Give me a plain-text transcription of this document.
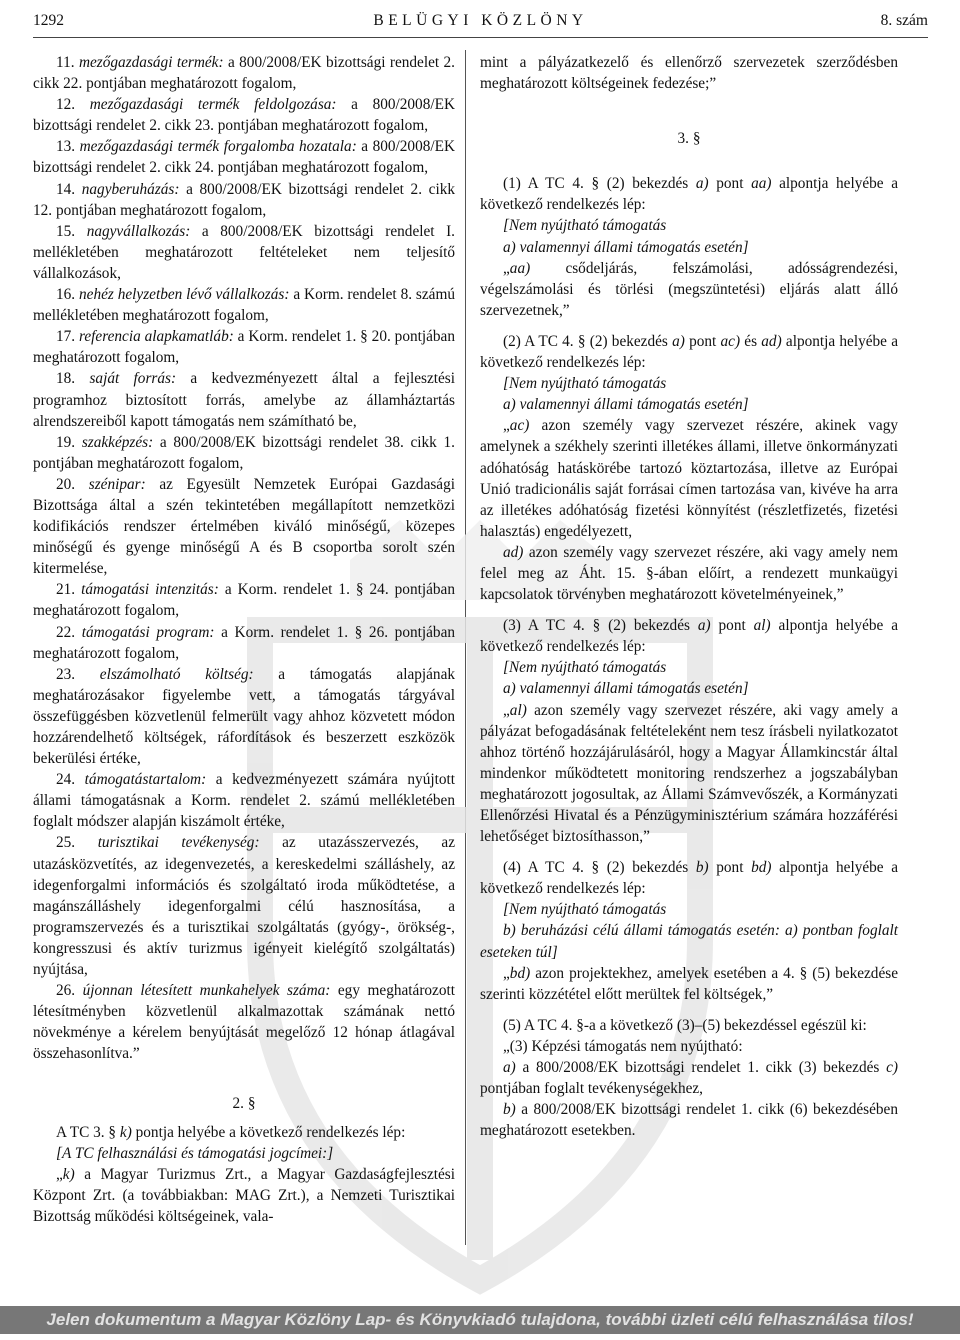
1292	BELÜGYI KÖZLÖNY	8. szám

11. mezőgazdasági termék: a 800/2008/EK bizottsági rendelet 2. cikk 22. pontjában meghatározott fogalom,

12. mezőgazdasági termék feldolgozása: a 800/2008/EK bizottsági rendelet 2. cikk 23. pontjában meghatározott fogalom,

13. mezőgazdasági termék forgalomba hozatala: a 800/2008/EK bizottsági rendelet 2. cikk 24. pontjában meghatározott fogalom,

14. nagyberuházás: a 800/2008/EK bizottsági rendelet 2. cikk 12. pontjában meghatározott fogalom,

15. nagyvállalkozás: a 800/2008/EK bizottsági rendelet I. mellékletében meghatározott feltételeket nem teljesítő vállalkozások,

16. nehéz helyzetben lévő vállalkozás: a Korm. rendelet 8. számú mellékletében meghatározott fogalom,

17. referencia alapkamatláb: a Korm. rendelet 1. § 20. pontjában meghatározott fogalom,

18. saját forrás: a kedvezményezett által a fejlesztési programhoz biztosított forrás, amelybe az államháztartás alrendszereiből kapott támogatás nem számítható be,

19. szakképzés: a 800/2008/EK bizottsági rendelet 38. cikk 1. pontjában meghatározott fogalom,

20. szénipar: az Egyesült Nemzetek Európai Gazdasági Bizottsága által a szén tekintetében megállapított nemzetközi kodifikációs rendszer értelmében kiváló minőségű, közepes minőségű és gyenge minőségű A és B csoportba sorolt szén kitermelése,

21. támogatási intenzitás: a Korm. rendelet 1. § 24. pontjában meghatározott fogalom,

22. támogatási program: a Korm. rendelet 1. § 26. pontjában meghatározott fogalom,

23. elszámolható költség: a támogatás alapjának meghatározásakor figyelembe vett, a támogatás tárgyával összefüggésben közvetlenül felmerült vagy ahhoz közvetett módon hozzárendelhető költségek, ráfordítások és beszerzett eszközök bekerülési értéke,

24. támogatástartalom: a kedvezményezett számára nyújtott állami támogatásnak a Korm. rendelet 2. számú mellékletében foglalt módszer alapján kiszámolt értéke,

25. turisztikai tevékenység: az utazásszervezés, az utazásközvetítés, az idegenvezetés, a kereskedelmi szálláshely, az idegenforgalmi információs és szolgáltató iroda működtetése, a magánszálláshely idegenforgalmi célú hasznosítása, a programszervezés és a turisztikai szolgáltatás (gyógy-, örökség-, kongresszusi és aktív turizmus igényeit kielégítő szolgáltatás) nyújtása,

26. újonnan létesített munkahelyek száma: egy meghatározott létesítményben közvetlenül alkalmazottak számának nettó növekménye a kérelem benyújtását megelőző 12 hónap átlagával összehasonlítva.”

2. §

A TC 3. § k) pontja helyébe a következő rendelkezés lép:

[A TC felhasználási és támogatási jogcímei:]

„k) a Magyar Turizmus Zrt., a Magyar Gazdaságfejlesztési Központ Zrt. (a továbbiakban: MAG Zrt.), a Nemzeti Turisztikai Bizottság működési költségeinek, vala-

mint a pályázatkezelő és ellenőrző szervezetek szerződésben meghatározott költségeinek fedezése;”

3. §

(1) A TC 4. § (2) bekezdés a) pont aa) alpontja helyébe a következő rendelkezés lép:

[Nem nyújtható támogatás

a) valamennyi állami támogatás esetén]

„aa) csődeljárás, felszámolási, adósságrendezési, végelszámolási és törlési (megszüntetési) eljárás alatt álló szervezetnek,”

(2) A TC 4. § (2) bekezdés a) pont ac) és ad) alpontja helyébe a következő rendelkezés lép:

[Nem nyújtható támogatás

a) valamennyi állami támogatás esetén]

„ac) azon személy vagy szervezet részére, akinek vagy amelynek a székhely szerinti illetékes állami, illetve önkormányzati adóhatóság hatáskörébe tartozó köztartozása, illetve az Európai Unió tradicionális saját forrásai címen tartozása van, kivéve ha arra az illetékes adóhatóság fizetési könnyítést (részletfizetés, fizetési halasztás) engedélyezett,

ad) azon személy vagy szervezet részére, aki vagy amely nem felel meg az Áht. 15. §-ában előírt, a rendezett munkaügyi kapcsolatok törvényben meghatározott követelményeinek,”

(3) A TC 4. § (2) bekezdés a) pont al) alpontja helyébe a következő rendelkezés lép:

[Nem nyújtható támogatás

a) valamennyi állami támogatás esetén]

„al) azon személy vagy szervezet részére, aki vagy amely a pályázat befogadásának feltételeként nem tesz írásbeli nyilatkozatot ahhoz történő hozzájárulásáról, hogy a Magyar Államkincstár által mindenkor működtetett monitoring rendszerhez a jogszabályban meghatározott jogosultak, az Állami Számvevőszék, a Kormányzati Ellenőrzési Hivatal és a Pénzügyminisztérium számára hozzáférési lehetőséget biztosíthasson,”

(4) A TC 4. § (2) bekezdés b) pont bd) alpontja helyébe a következő rendelkezés lép:

[Nem nyújtható támogatás

b) beruházási célú állami támogatás esetén: a) pontban foglalt eseteken túl]

„bd) azon projektekhez, amelyek esetében a 4. § (5) bekezdése szerinti közzététel előtt merültek fel költségek,”

(5) A TC 4. §-a a következő (3)–(5) bekezdéssel egészül ki:

„(3) Képzési támogatás nem nyújtható:

a) a 800/2008/EK bizottsági rendelet 1. cikk (3) bekezdés c) pontjában foglalt tevékenységekhez,

b) a 800/2008/EK bizottsági rendelet 1. cikk (6) bekezdésében meghatározott esetekben.

Jelen dokumentum a Magyar Közlöny Lap- és Könyvkiadó tulajdona, további üzleti célú felhasználása tilos!
